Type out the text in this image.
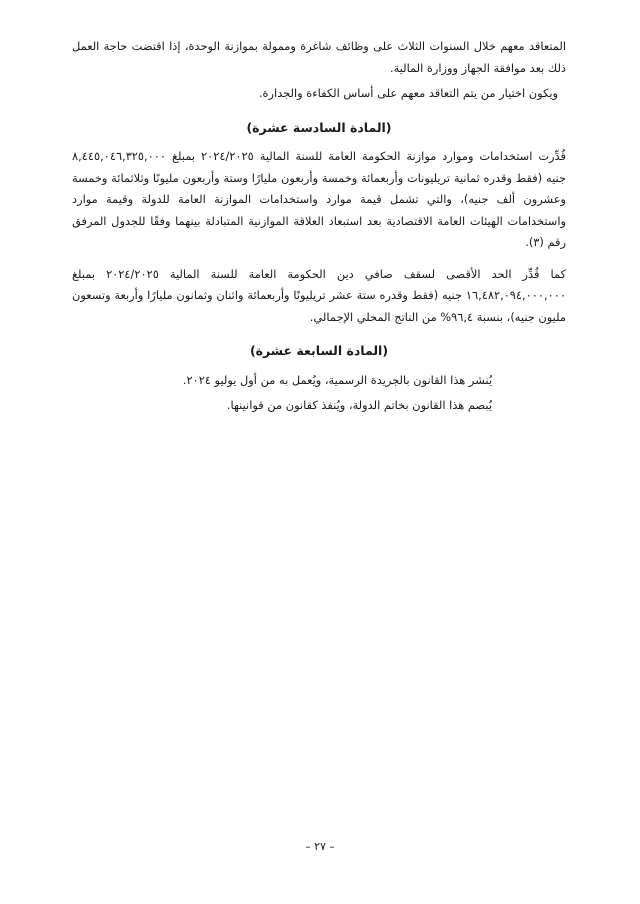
المتعاقد معهم خلال السنوات الثلاث على وظائف شاغرة وممولة بموازنة الوحدة، إذا اقتضت حاجة العمل ذلك بعد موافقة الجهاز ووزارة المالية.

ويكون اختيار من يتم التعاقد معهم على أساس الكفاءة والجدارة.

(المادة السادسة عشرة)

قُدِّرت استخدامات وموارد موازنة الحكومة العامة للسنة المالية ٢٠٢٤/٢٠٢٥ بمبلغ ٨,٤٤٥,٠٤٦,٣٢٥,٠٠٠ جنيه (فقط وقدره ثمانية تريليونات وأربعمائة وخمسة وأربعون مليارًا وستة وأربعون مليونًا وثلاثمائة وخمسة وعشرون ألف جنيه)، والتي تشمل قيمة موارد واستخدامات الموازنة العامة للدولة وقيمة موارد واستخدامات الهيئات العامة الاقتصادية بعد استبعاد العلاقة الموازنية المتبادلة بينهما وفقًا للجدول المرفق رقم (٣).

كما قُدِّر الحد الأقصى لسقف صافي دين الحكومة العامة للسنة المالية ٢٠٢٤/٢٠٢٥ بمبلغ ١٦,٤٨٢,٠٩٤,٠٠٠,٠٠٠ جنيه (فقط وقدره ستة عشر تريليونًا وأربعمائة واثنان وثمانون مليارًا وأربعة وتسعون مليون جنيه)، بنسبة ٩٦,٤% من الناتج المحلي الإجمالي.

(المادة السابعة عشرة)

يُنشر هذا القانون بالجريدة الرسمية، ويُعمل به من أول يوليو ٢٠٢٤.

يُبصم هذا القانون بخاتم الدولة، ويُنفذ كقانون من قوانينها.

– ٢٧ –
